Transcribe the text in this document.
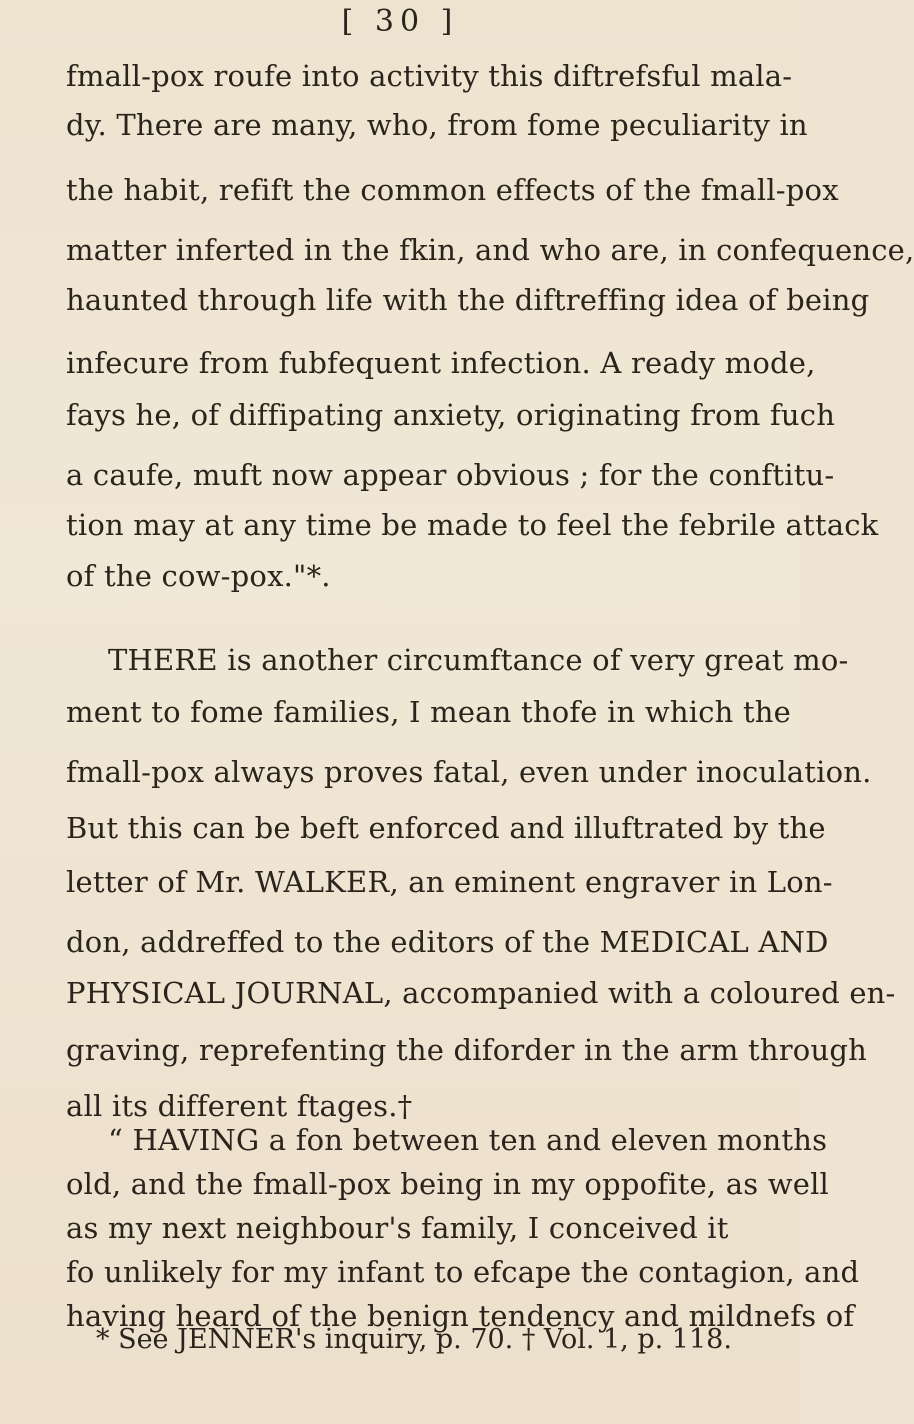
[ 30 ]
fmall-pox roufe into activity this diftrefsful mala-
dy. There are many, who, from fome peculiarity in
the habit, refift the common effects of the fmall-pox
matter inferted in the fkin, and who are, in confequence,
haunted through life with the diftreffing idea of being
infecure from fubfequent infection. A ready mode,
fays he, of diffipating anxiety, originating from fuch
a caufe, muft now appear obvious ; for the conftitu-
tion may at any time be made to feel the febrile attack
of the cow-pox."*.
THERE is another circumftance of very great mo-
ment to fome families, I mean thofe in which the
fmall-pox always proves fatal, even under inoculation.
But this can be beft enforced and illuftrated by the
letter of Mr. WALKER, an eminent engraver in Lon-
don, addreffed to the editors of the MEDICAL AND
PHYSICAL JOURNAL, accompanied with a coloured en-
graving, reprefenting the diforder in the arm through
all its different ftages.†
“ HAVING a fon between ten and eleven months
old, and the fmall-pox being in my oppofite, as well
as my next neighbour's family, I conceived it
* See JENNER's inquiry, p. 70. † Vol. 1, p. 118.
fo unlikely for my infant to efcape the contagion, and
having heard of the benign tendency and mildnefs of
